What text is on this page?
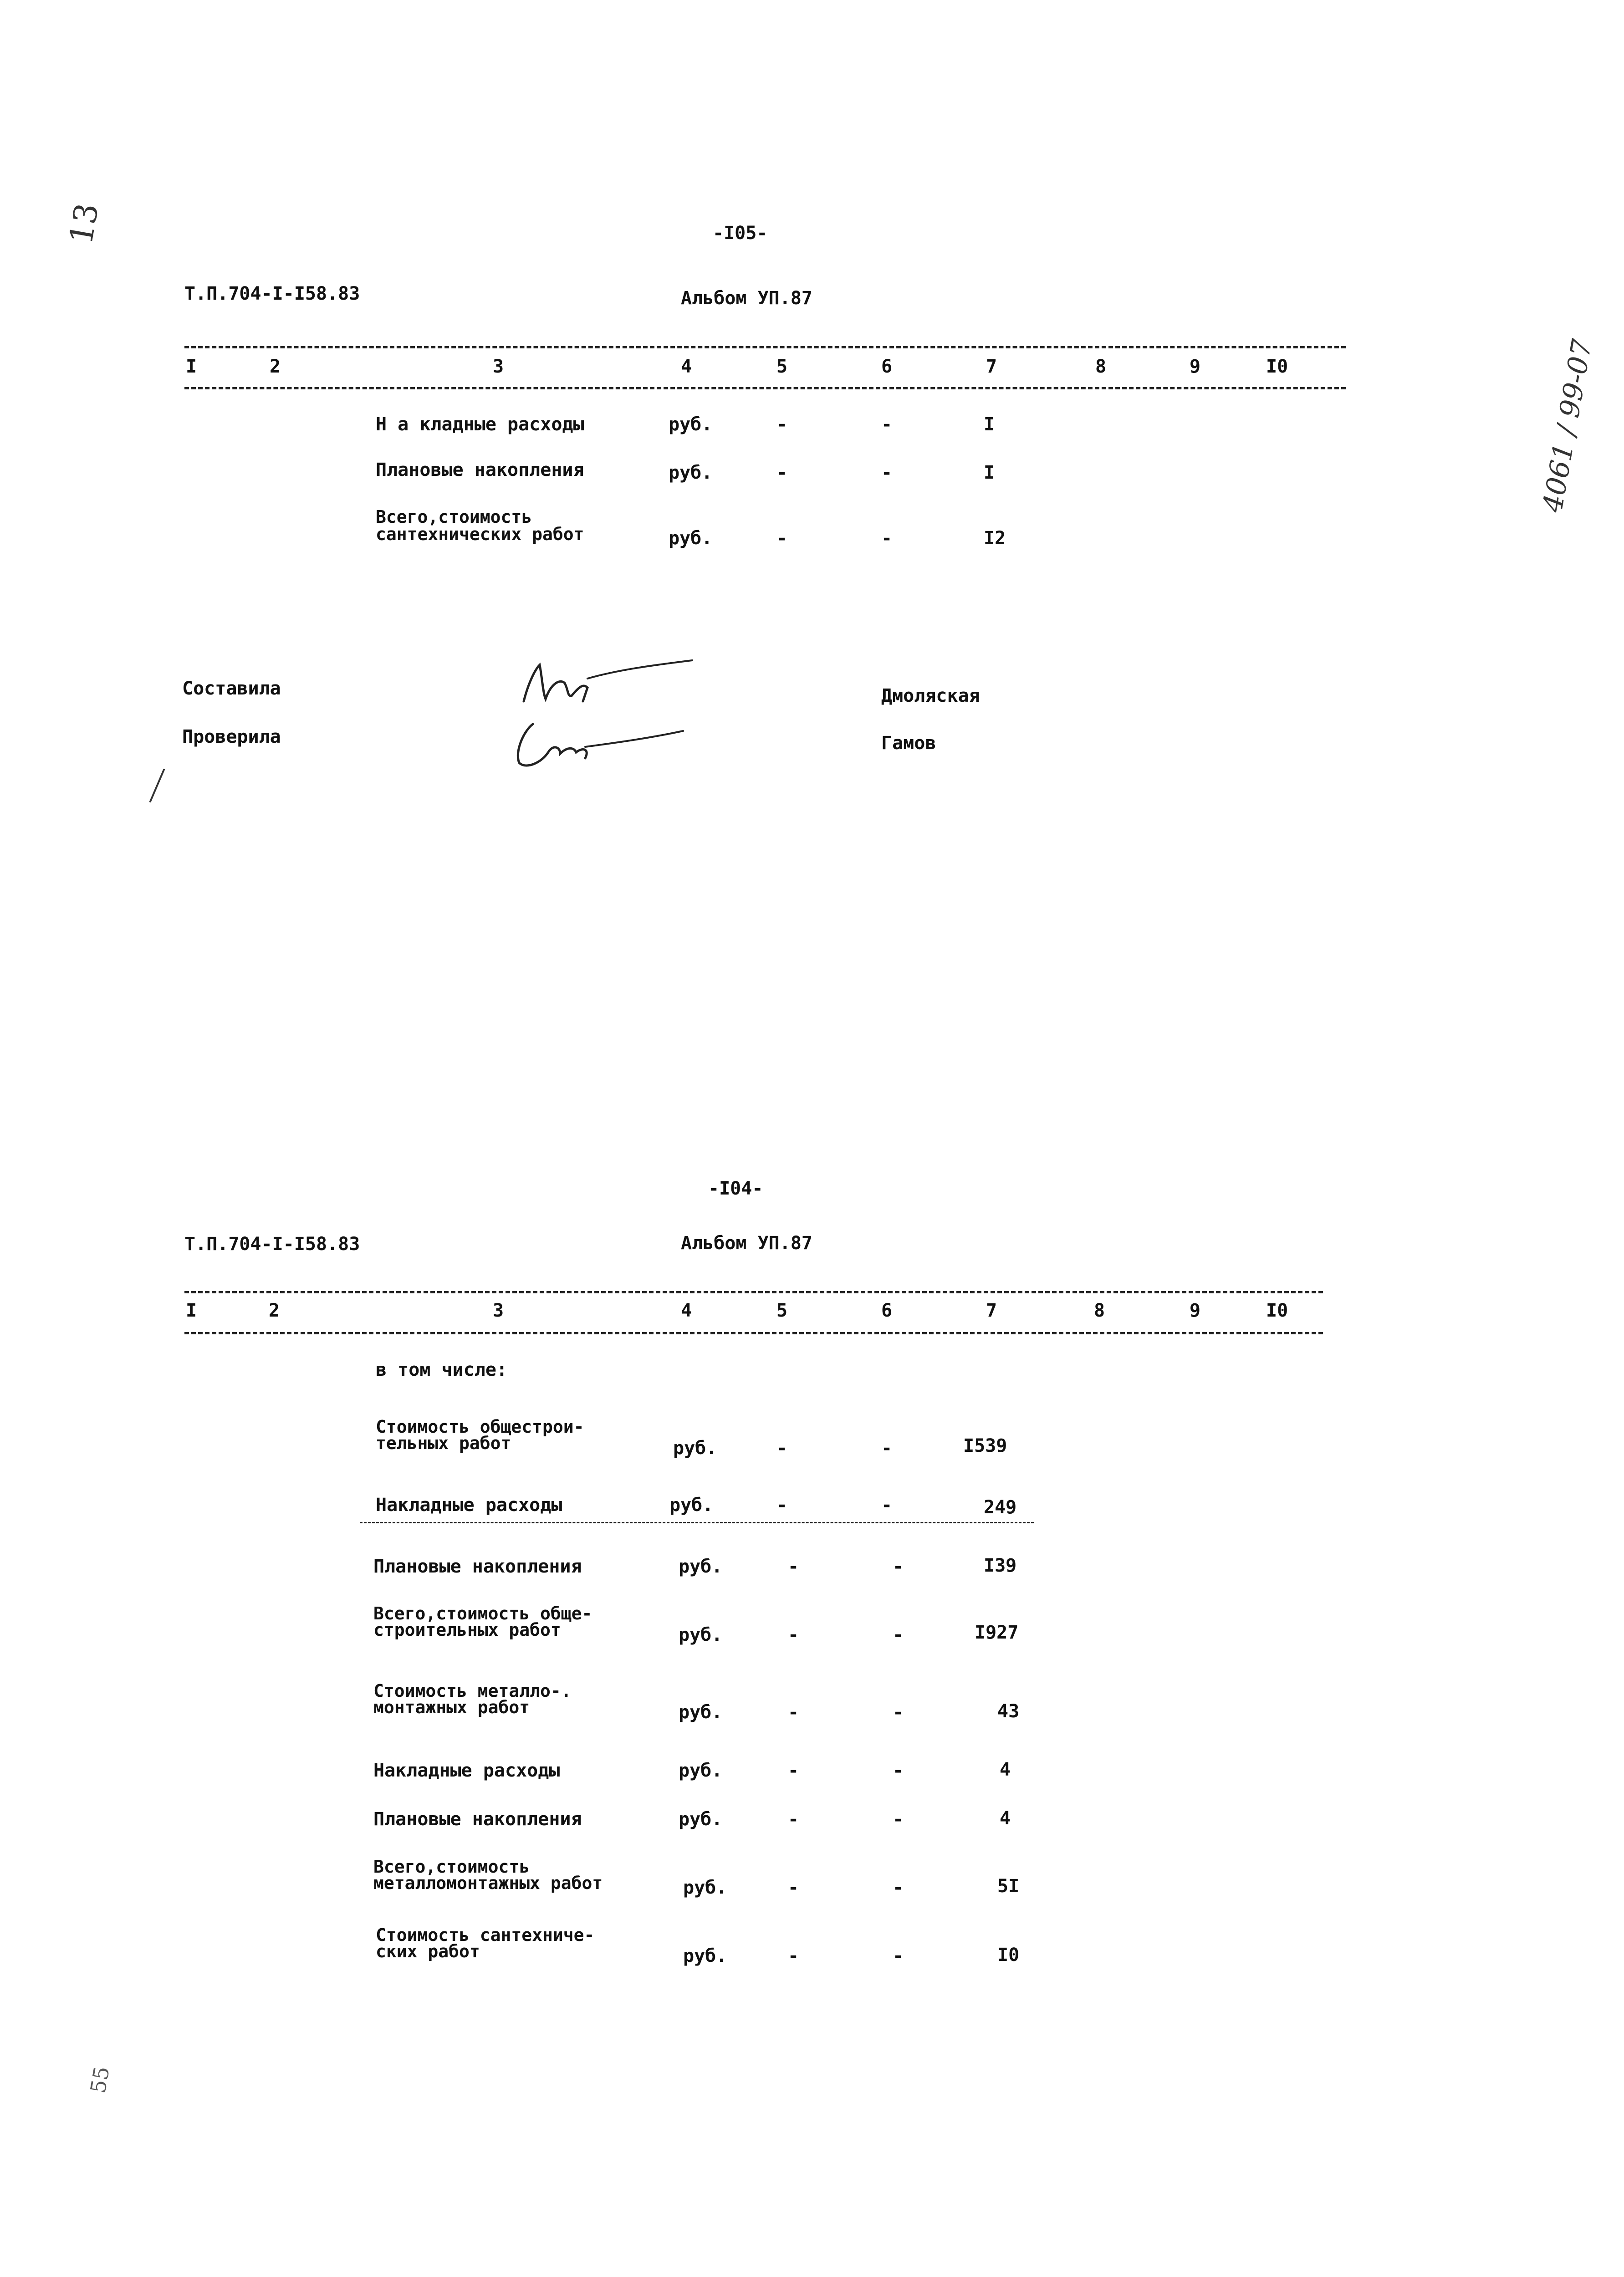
13
4061 / 99-07
55
-I05-
Т.П.704-I-I58.83	Альбом УП.87
I	2	3	4	5	6	7	8	9	I0
Н а кладные расходы	руб.	-	-	I
Плановые накопления	руб.	-	-	I
Всего,стоимость
сантехнических работ	руб.	-	-	I2
Составила
Проверила
Дмоляская
Гамов
-I04-
Т.П.704-I-I58.83	Альбом УП.87
I	2	3	4	5	6	7	8	9	I0
в том числе:
Стоимость общестрои-
тельных работ	руб.	-	-	I539
Накладные расходы	руб.	-	-	249
Плановые накопления	руб.	-	-	I39
Всего,стоимость обще-
строительных работ	руб.	-	-	I927
Стоимость металло-.
монтажных работ	руб.	-	-	43
Накладные расходы	руб.	-	-	4
Плановые накопления	руб.	-	-	4
Всего,стоимость
металломонтажных работ	руб.	-	-	5I
Стоимость сантехниче-
ских работ	руб.	-	-	I0
